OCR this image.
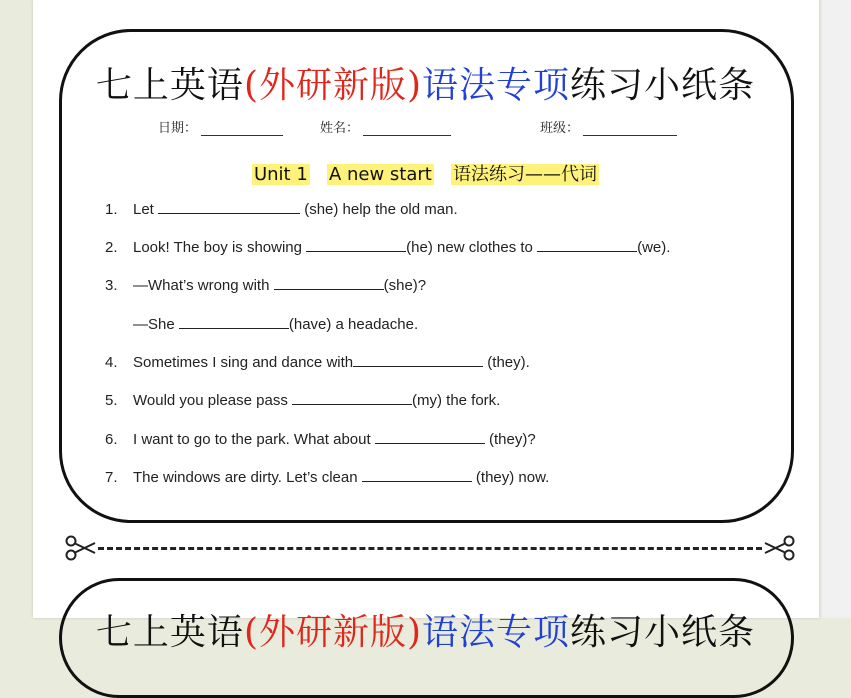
七上英语(外研新版)语法专项练习小纸条
日期：	姓名：	班级：
Unit 1 A new start 语法练习——代词
1. Let	(she) help the old man.
2. Look! The boy is showing	(he) new clothes to	(we).
3. —What’s wrong with	(she)?
—She	(have) a headache.
4. Sometimes I sing and dance with	(they).
5. Would you please pass	(my) the fork.
6. I want to go to the park. What about	(they)?
7. The windows are dirty. Let’s clean	(they) now.
七上英语(外研新版)语法专项练习小纸条
